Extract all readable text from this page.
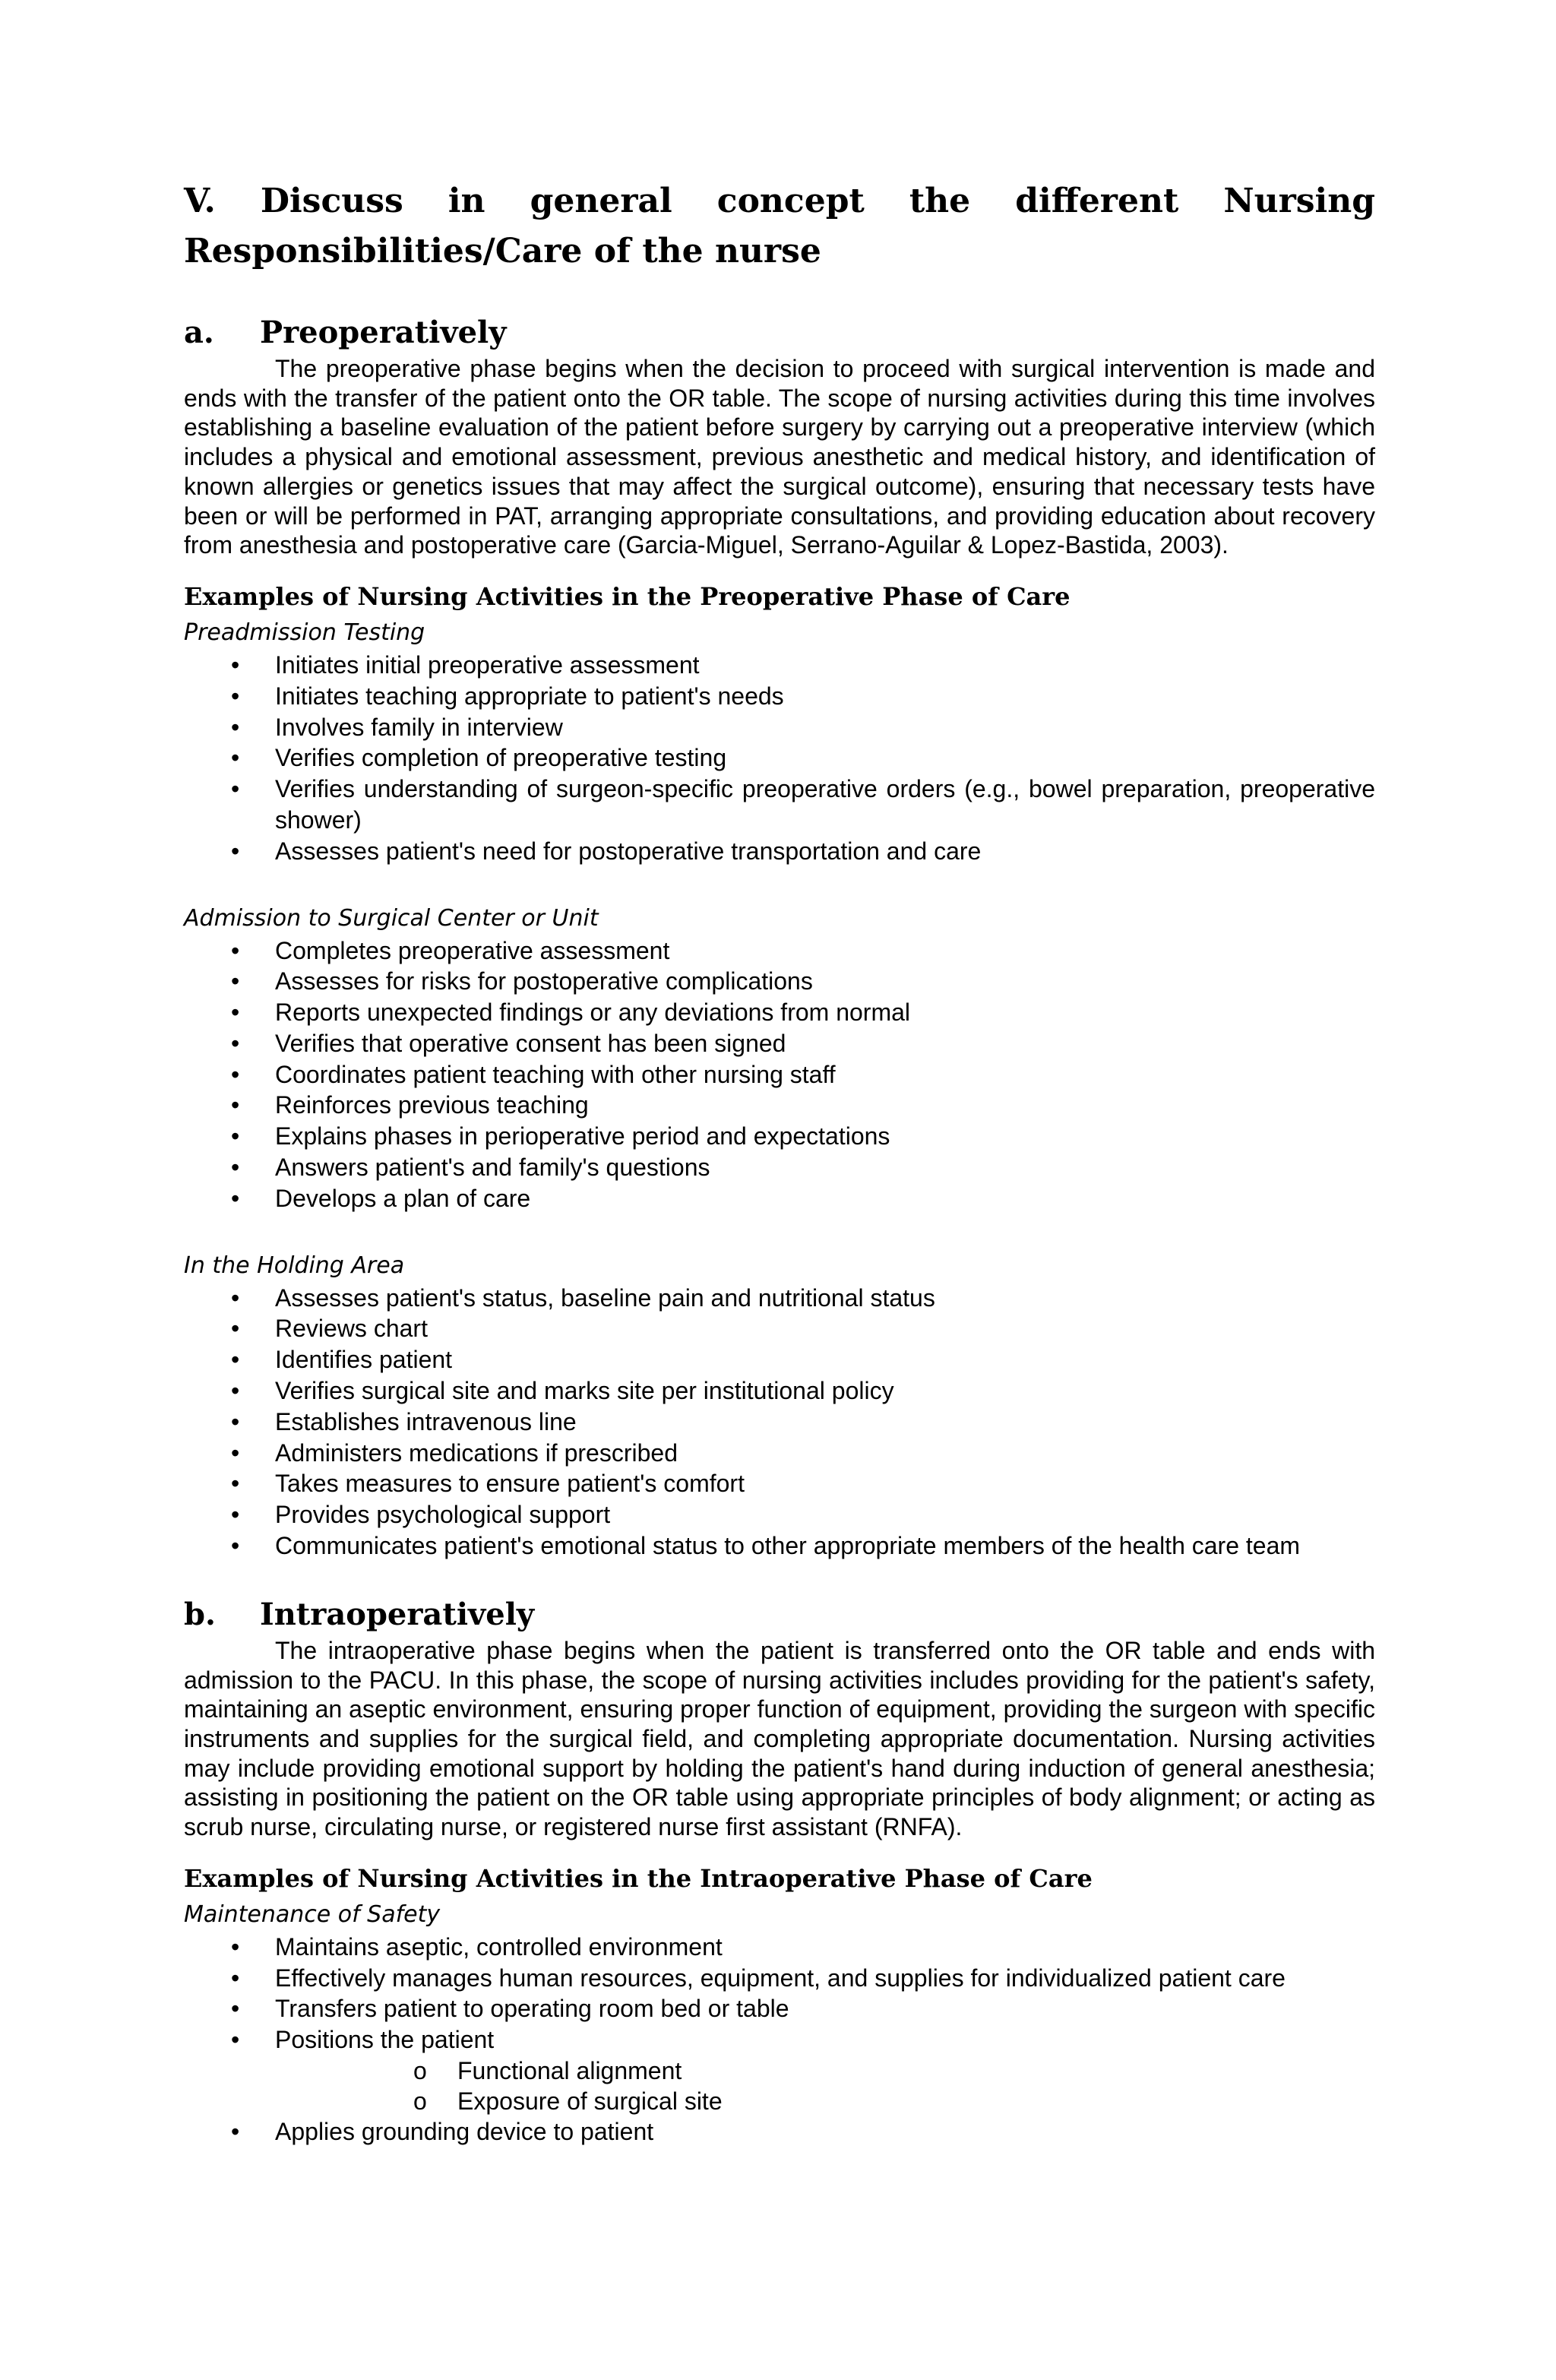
V. Discuss in general concept the different Nursing
Responsibilities/Care of the nurse
a.	Preoperatively

The preoperative phase begins when the decision to proceed with surgical intervention is made and ends with the transfer of the patient onto the OR table. The scope of nursing activities during this time involves establishing a baseline evaluation of the patient before surgery by carrying out a preoperative interview (which includes a physical and emotional assessment, previous anesthetic and medical history, and identification of known allergies or genetics issues that may affect the surgical outcome), ensuring that necessary tests have been or will be performed in PAT, arranging appropriate consultations, and providing education about recovery from anesthesia and postoperative care (Garcia-Miguel, Serrano-Aguilar & Lopez-Bastida, 2003).

Examples of Nursing Activities in the Preoperative Phase of Care
Preadmission Testing
• Initiates initial preoperative assessment
• Initiates teaching appropriate to patient's needs
• Involves family in interview
• Verifies completion of preoperative testing
• Verifies understanding of surgeon-specific preoperative orders (e.g., bowel preparation, preoperative shower)
• Assesses patient's need for postoperative transportation and care
Admission to Surgical Center or Unit
• Completes preoperative assessment
• Assesses for risks for postoperative complications
• Reports unexpected findings or any deviations from normal
• Verifies that operative consent has been signed
• Coordinates patient teaching with other nursing staff
• Reinforces previous teaching
• Explains phases in perioperative period and expectations
• Answers patient's and family's questions
• Develops a plan of care
In the Holding Area
• Assesses patient's status, baseline pain and nutritional status
• Reviews chart
• Identifies patient
• Verifies surgical site and marks site per institutional policy
• Establishes intravenous line
• Administers medications if prescribed
• Takes measures to ensure patient's comfort
• Provides psychological support
• Communicates patient's emotional status to other appropriate members of the health care team
b.	Intraoperatively

The intraoperative phase begins when the patient is transferred onto the OR table and ends with admission to the PACU. In this phase, the scope of nursing activities includes providing for the patient's safety, maintaining an aseptic environment, ensuring proper function of equipment, providing the surgeon with specific instruments and supplies for the surgical field, and completing appropriate documentation. Nursing activities may include providing emotional support by holding the patient's hand during induction of general anesthesia; assisting in positioning the patient on the OR table using appropriate principles of body alignment; or acting as scrub nurse, circulating nurse, or registered nurse first assistant (RNFA).

Examples of Nursing Activities in the Intraoperative Phase of Care
Maintenance of Safety
• Maintains aseptic, controlled environment
• Effectively manages human resources, equipment, and supplies for individualized patient care
• Transfers patient to operating room bed or table
• Positions the patient
o Functional alignment
o Exposure of surgical site
• Applies grounding device to patient
